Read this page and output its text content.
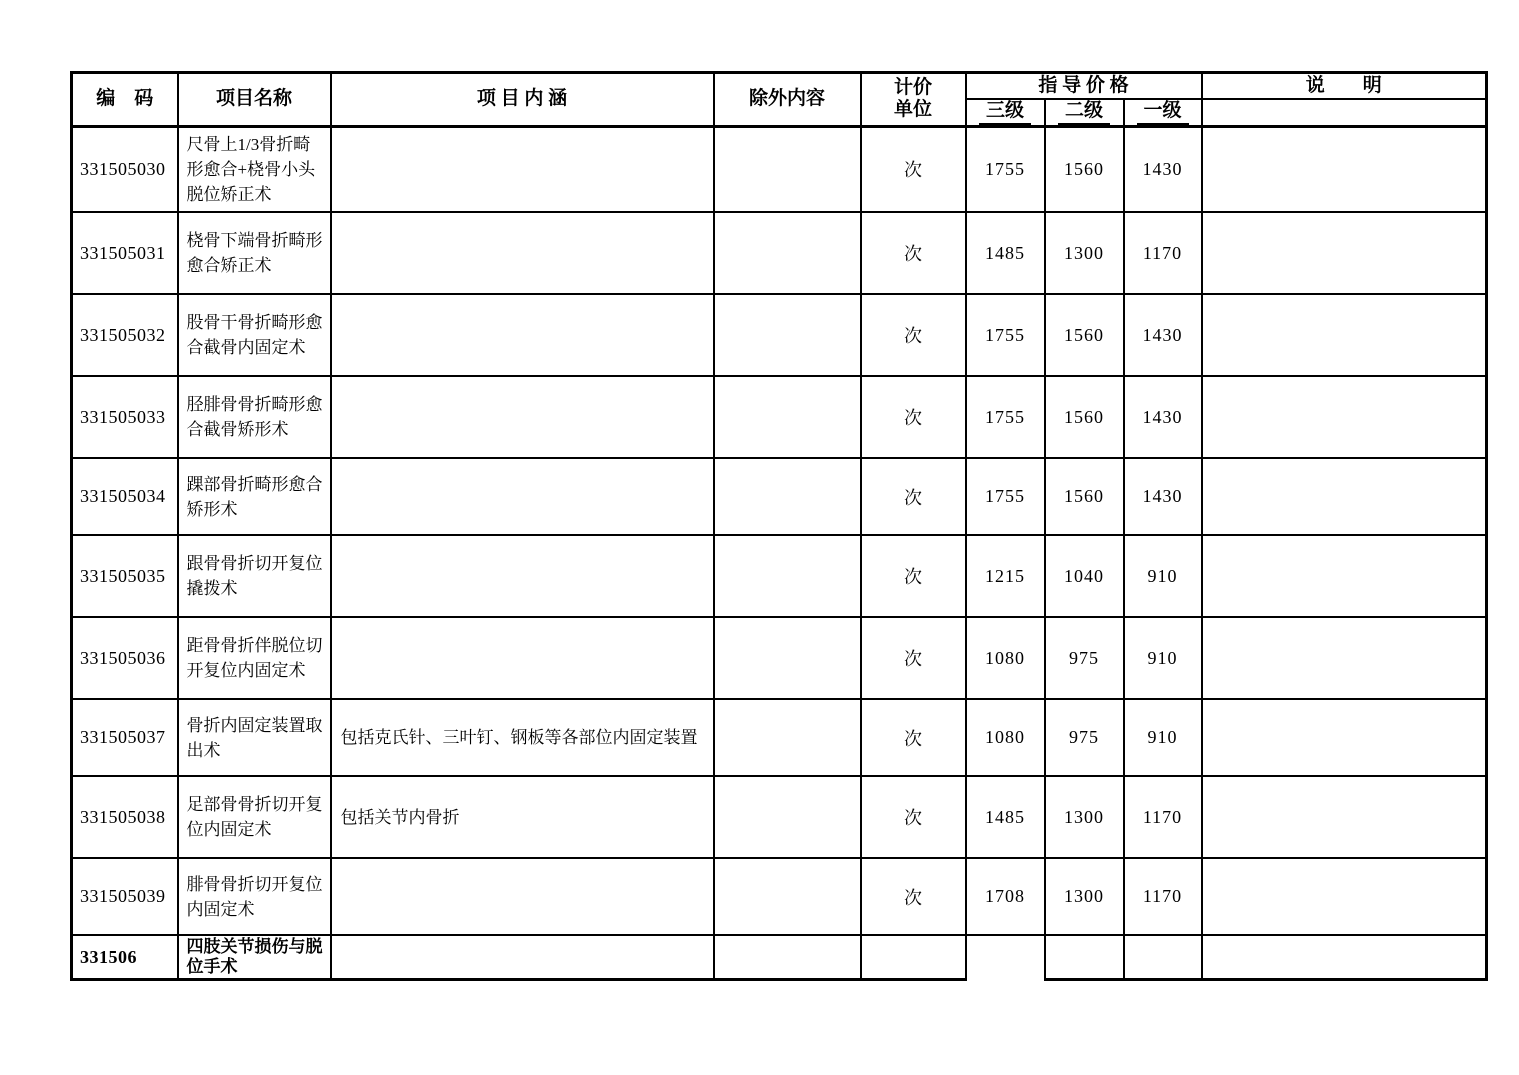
编　码	项目名称	项 目 内 涵	除外内容	计价
单位	指 导 价 格			说　　明
					三级	二级	一级	
331505030	尺骨上1/3骨折畸形愈合+桡骨小头脱位矫正术			次	1755	1560	1430	
331505031	桡骨下端骨折畸形愈合矫正术			次	1485	1300	1170	
331505032	股骨干骨折畸形愈合截骨内固定术			次	1755	1560	1430	
331505033	胫腓骨骨折畸形愈合截骨矫形术			次	1755	1560	1430	
331505034	踝部骨折畸形愈合矫形术			次	1755	1560	1430	
331505035	跟骨骨折切开复位撬拨术			次	1215	1040	910	
331505036	距骨骨折伴脱位切开复位内固定术			次	1080	975	910	
331505037	骨折内固定装置取出术	包括克氏针、三叶钉、钢板等各部位内固定装置		次	1080	975	910	
331505038	足部骨骨折切开复位内固定术	包括关节内骨折		次	1485	1300	1170	
331505039	腓骨骨折切开复位内固定术			次	1708	1300	1170	
331506	四肢关节损伤与脱位手术							
